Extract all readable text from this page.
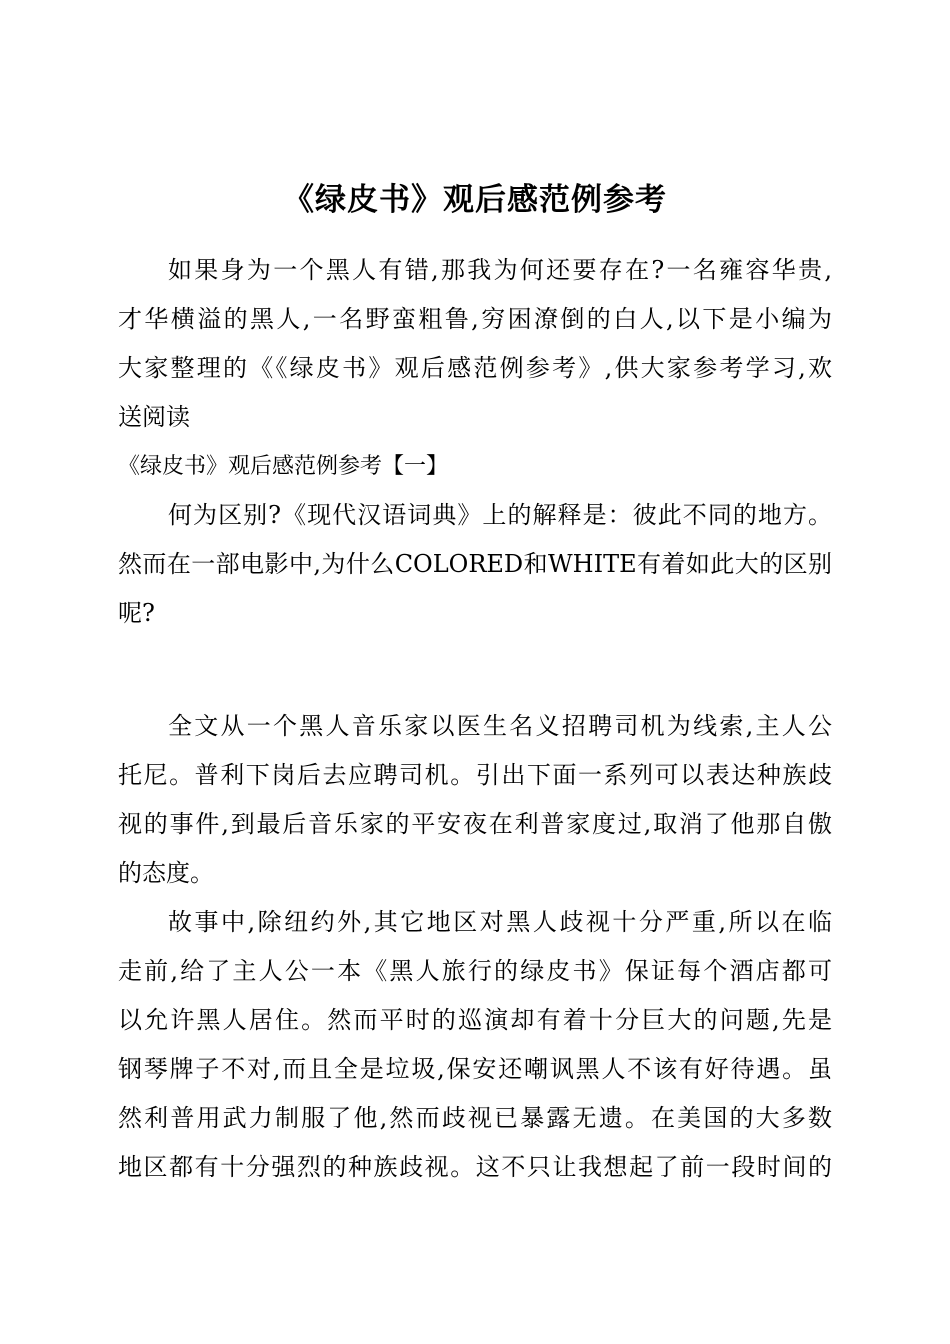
《绿皮书》观后感范例参考
如果身为一个黑人有错,那我为何还要存在?一名雍容华贵,
才华横溢的黑人,一名野蛮粗鲁,穷困潦倒的白人,以下是小编为
大家整理的《《绿皮书》观后感范例参考》,供大家参考学习,欢
送阅读
《绿皮书》观后感范例参考【一】
何为区别?《现代汉语词典》上的解释是：彼此不同的地方。
然而在一部电影中,为什么COLORED和WHITE有着如此大的区别
呢?
全文从一个黑人音乐家以医生名义招聘司机为线索,主人公
托尼。普利下岗后去应聘司机。引出下面一系列可以表达种族歧
视的事件,到最后音乐家的平安夜在利普家度过,取消了他那自傲
的态度。
故事中,除纽约外,其它地区对黑人歧视十分严重,所以在临
走前,给了主人公一本《黑人旅行的绿皮书》保证每个酒店都可
以允许黑人居住。然而平时的巡演却有着十分巨大的问题,先是
钢琴牌子不对,而且全是垃圾,保安还嘲讽黑人不该有好待遇。虽
然利普用武力制服了他,然而歧视已暴露无遗。在美国的大多数
地区都有十分强烈的种族歧视。这不只让我想起了前一段时间的
